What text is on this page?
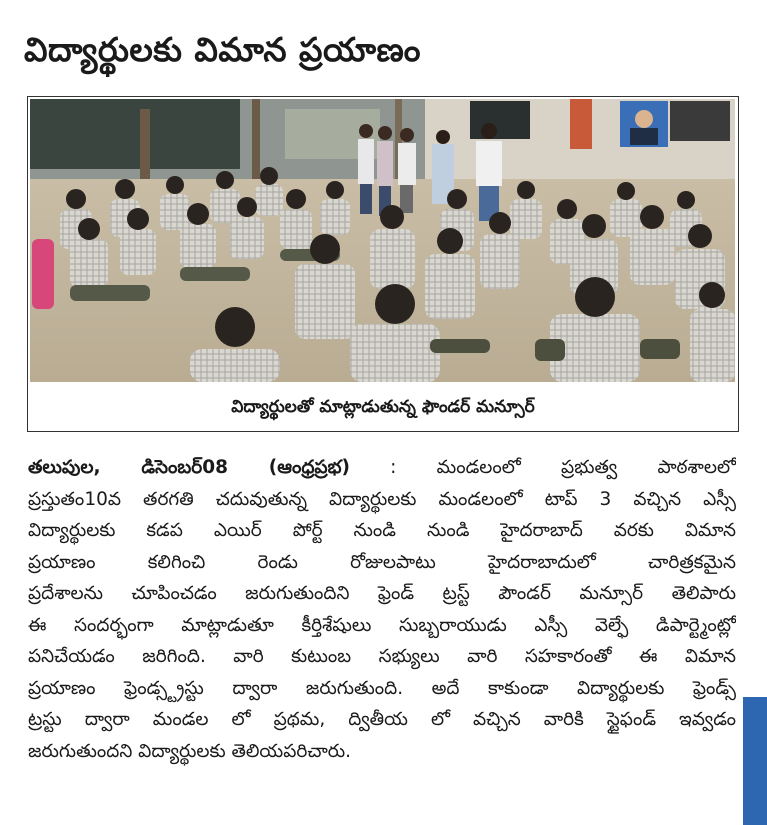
విద్యార్థులకు విమాన ప్రయాణం
విద్యార్థులతో మాట్లాడుతున్న ఫౌండర్ మన్సూర్
తలుపుల, డిసెంబర్08 (ఆంధ్రప్రభ) : మండలంలో ప్రభుత్వ పాఠశాలలో
ప్రస్తుతం10వ తరగతి చదువుతున్న విద్యార్థులకు మండలంలో టాప్ 3 వచ్చిన ఎస్సీ
విద్యార్థులకు కడప ఎయిర్ పోర్ట్ నుండి నుండి హైదరాబాద్ వరకు విమాన
ప్రయాణం కలిగించి రెండు రోజులపాటు హైదరాబాదులో చారిత్రకమైన
ప్రదేశాలను చూపించడం జరుగుతుందిని ఫ్రెండ్ ట్రస్ట్ పౌండర్ మన్సూర్ తెలిపారు
ఈ సందర్భంగా మాట్లాడుతూ కీర్తిశేషులు సుబ్బరాయుడు ఎస్సీ వెల్ఫే డిపార్ట్మెంట్లో
పనిచేయడం జరిగింది. వారి కుటుంబ సభ్యులు వారి సహకారంతో ఈ విమాన
ప్రయాణం ఫ్రెండ్స్ట్రస్టు ద్వారా జరుగుతుంది. అదే కాకుండా విద్యార్థులకు ఫ్రెండ్స్
ట్రస్టు ద్వారా మండల లో ప్రథమ, ద్వితీయ లో వచ్చిన వారికి స్టైఫండ్ ఇవ్వడం
జరుగుతుందని విద్యార్థులకు తెలియపరిచారు.
